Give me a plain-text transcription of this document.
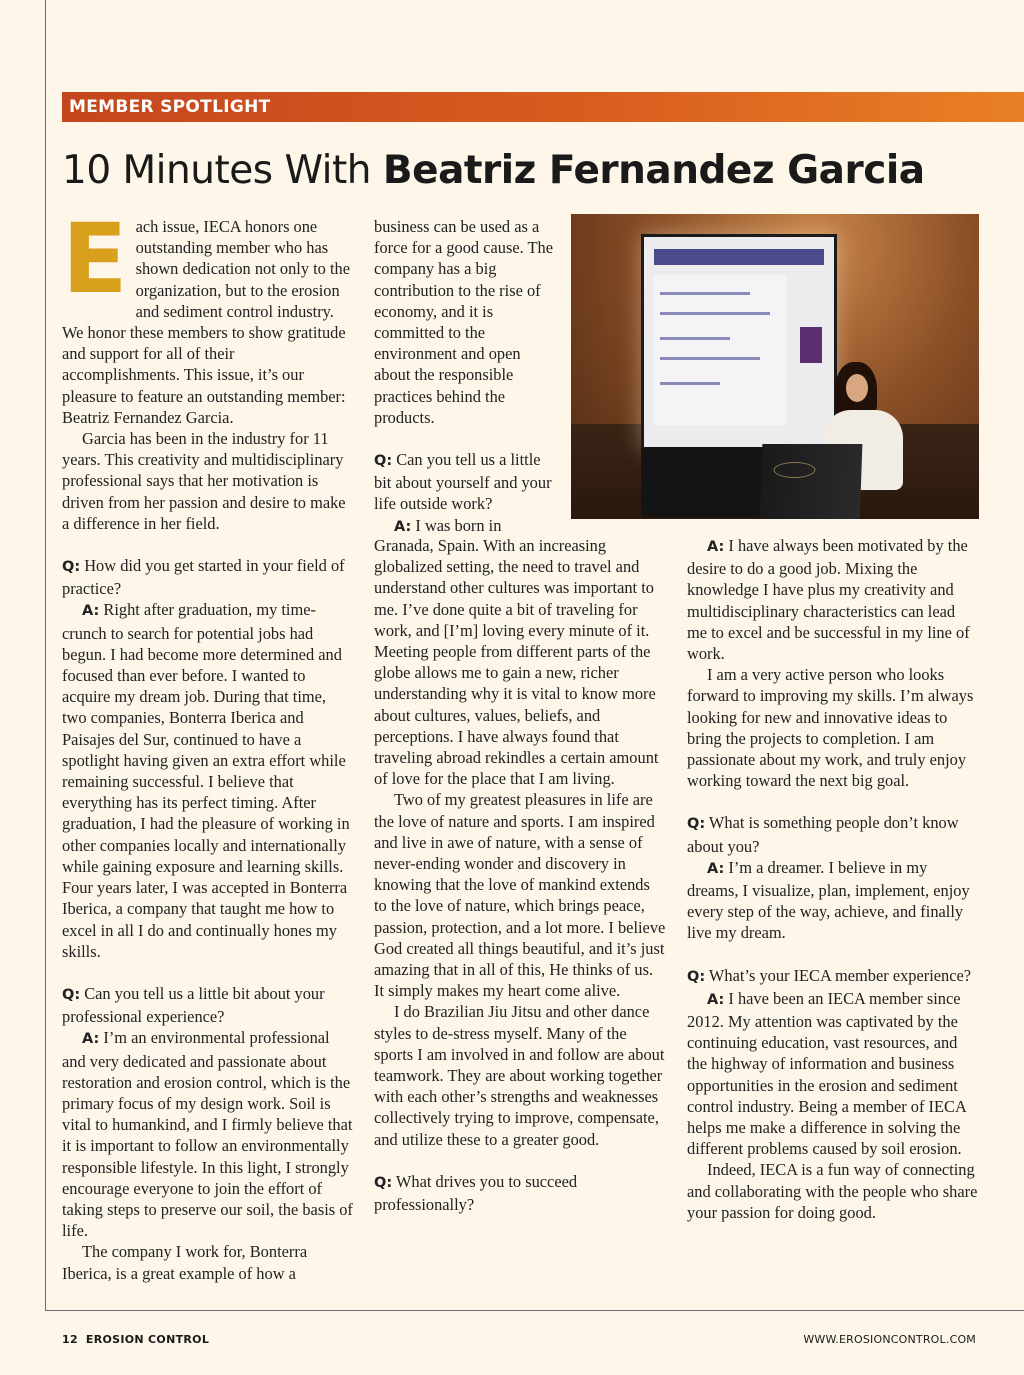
MEMBER SPOTLIGHT
10 Minutes With Beatriz Fernandez Garcia

Each issue, IECA honors one outstanding member who has shown dedication not only to the organization, but to the erosion and sediment control industry. We honor these members to show gratitude and support for all of their accomplishments. This issue, it’s our pleasure to feature an outstanding member: Beatriz Fernandez Garcia.

Garcia has been in the industry for 11 years. This creativity and multidisciplinary professional says that her motivation is driven from her passion and desire to make a difference in her field.

Q: How did you get started in your field of practice?

A: Right after graduation, my time-crunch to search for potential jobs had begun. I had become more determined and focused than ever before. I wanted to acquire my dream job. During that time, two companies, Bonterra Iberica and Paisajes del Sur, continued to have a spotlight having given an extra effort while remaining successful. I believe that everything has its perfect timing. After graduation, I had the pleasure of working in other companies locally and internationally while gaining exposure and learning skills. Four years later, I was accepted in Bonterra Iberica, a company that taught me how to excel in all I do and continually hones my skills.

Q: Can you tell us a little bit about your professional experience?

A: I’m an environmental professional and very dedicated and passionate about restoration and erosion control, which is the primary focus of my design work. Soil is vital to humankind, and I firmly believe that it is important to follow an environmentally responsible lifestyle. In this light, I strongly encourage everyone to join the effort of taking steps to preserve our soil, the basis of life.

The company I work for, Bonterra Iberica, is a great example of how a

business can be used as a force for a good cause. The company has a big contribution to the rise of economy, and it is committed to the environment and open about the responsible practices behind the products.

Q: Can you tell us a little bit about yourself and your life outside work?

A: I was born in

Granada, Spain. With an increasing globalized setting, the need to travel and understand other cultures was important to me. I’ve done quite a bit of traveling for work, and [I’m] loving every minute of it. Meeting people from different parts of the globe allows me to gain a new, richer understanding why it is vital to know more about cultures, values, beliefs, and perceptions. I have always found that traveling abroad rekindles a certain amount of love for the place that I am living.

Two of my greatest pleasures in life are the love of nature and sports. I am inspired and live in awe of nature, with a sense of never-ending wonder and discovery in knowing that the love of mankind extends to the love of nature, which brings peace, passion, protection, and a lot more. I believe God created all things beautiful, and it’s just amazing that in all of this, He thinks of us. It simply makes my heart come alive.

I do Brazilian Jiu Jitsu and other dance styles to de-stress myself. Many of the sports I am involved in and follow are about teamwork. They are about working together with each other’s strengths and weaknesses collectively trying to improve, compensate, and utilize these to a greater good.

Q: What drives you to succeed professionally?

A: I have always been motivated by the desire to do a good job. Mixing the knowledge I have plus my creativity and multidisciplinary characteristics can lead me to excel and be successful in my line of work.

I am a very active person who looks forward to improving my skills. I’m always looking for new and innovative ideas to bring the projects to completion. I am passionate about my work, and truly enjoy working toward the next big goal.

Q: What is something people don’t know about you?

A: I’m a dreamer. I believe in my dreams, I visualize, plan, implement, enjoy every step of the way, achieve, and finally live my dream.

Q: What’s your IECA member experience?

A: I have been an IECA member since 2012. My attention was captivated by the continuing education, vast resources, and the highway of information and business opportunities in the erosion and sediment control industry. Being a member of IECA helps me make a difference in solving the different problems caused by soil erosion.

Indeed, IECA is a fun way of connecting and collaborating with the people who share your passion for doing good.

12 EROSION CONTROL	WWW.EROSIONCONTROL.COM
